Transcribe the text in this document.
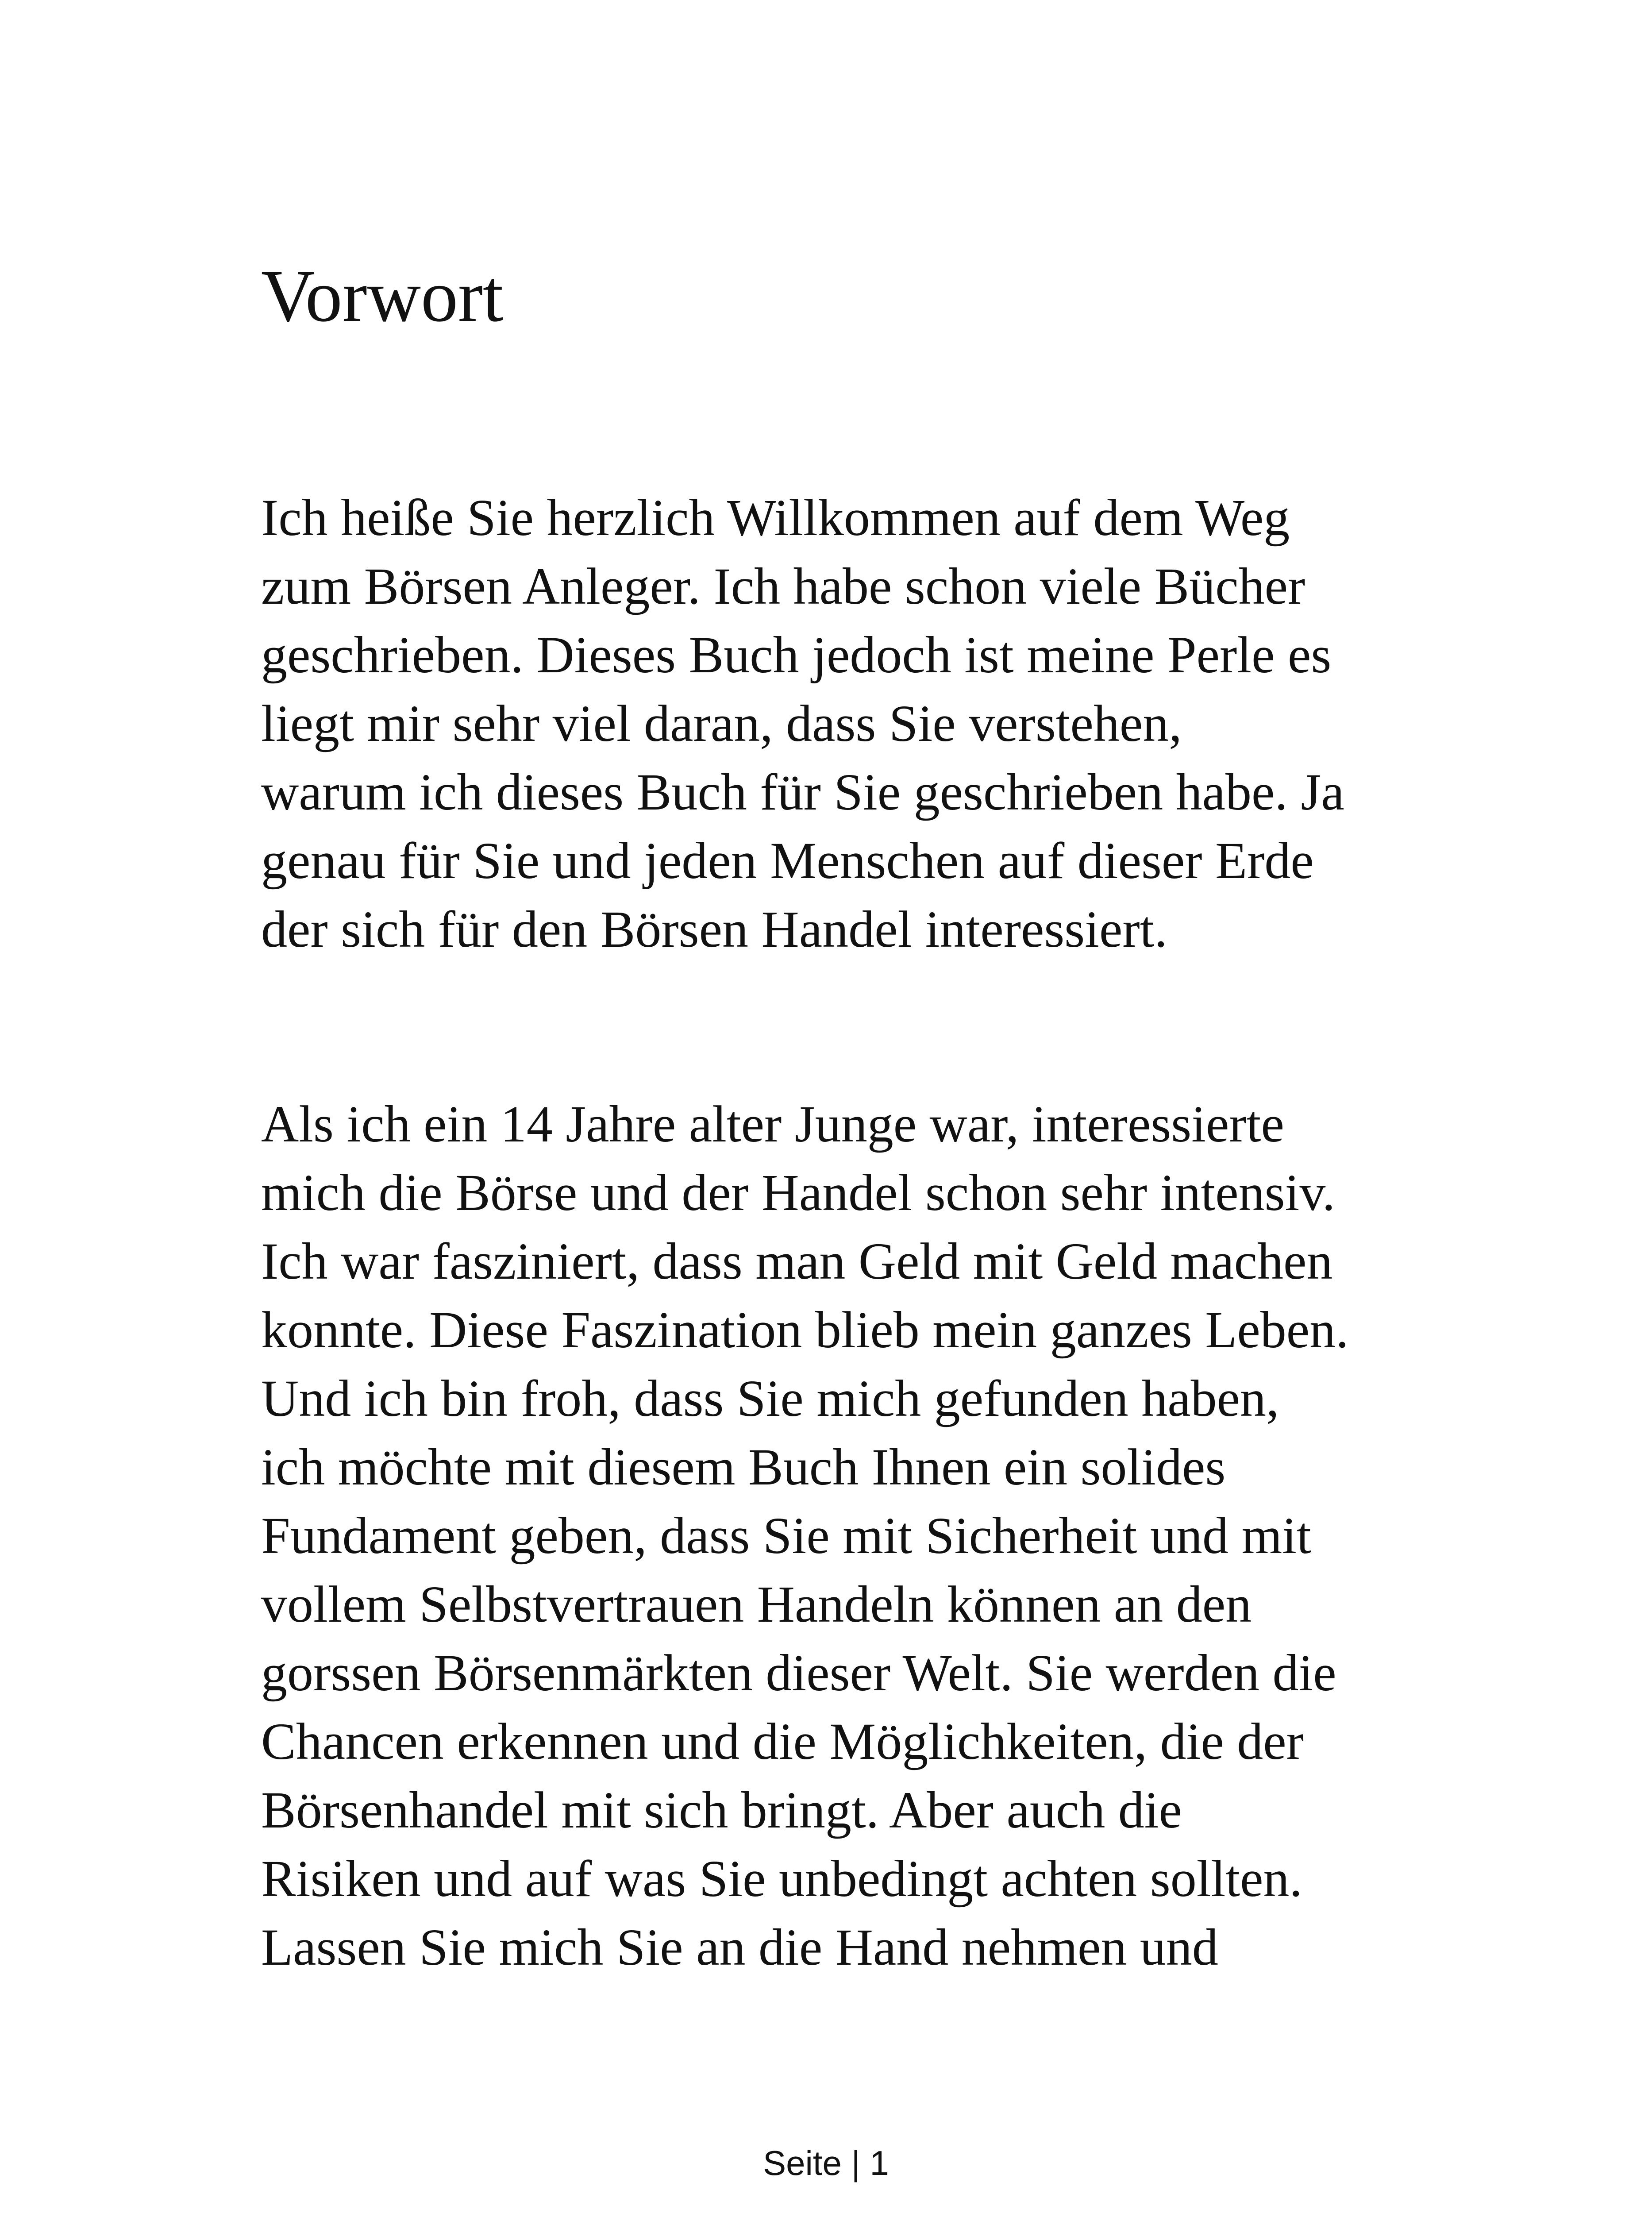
Vorwort

Ich heiße Sie herzlich Willkommen auf dem Weg
zum Börsen Anleger. Ich habe schon viele Bücher
geschrieben. Dieses Buch jedoch ist meine Perle es
liegt mir sehr viel daran, dass Sie verstehen,
warum ich dieses Buch für Sie geschrieben habe. Ja
genau für Sie und jeden Menschen auf dieser Erde
der sich für den Börsen Handel interessiert.

Als ich ein 14 Jahre alter Junge war, interessierte
mich die Börse und der Handel schon sehr intensiv.
Ich war fasziniert, dass man Geld mit Geld machen
konnte. Diese Faszination blieb mein ganzes Leben.
Und ich bin froh, dass Sie mich gefunden haben,
ich möchte mit diesem Buch Ihnen ein solides
Fundament geben, dass Sie mit Sicherheit und mit
vollem Selbstvertrauen Handeln können an den
gorssen Börsenmärkten dieser Welt. Sie werden die
Chancen erkennen und die Möglichkeiten, die der
Börsenhandel mit sich bringt. Aber auch die
Risiken und auf was Sie unbedingt achten sollten.
Lassen Sie mich Sie an die Hand nehmen und

Seite | 1
